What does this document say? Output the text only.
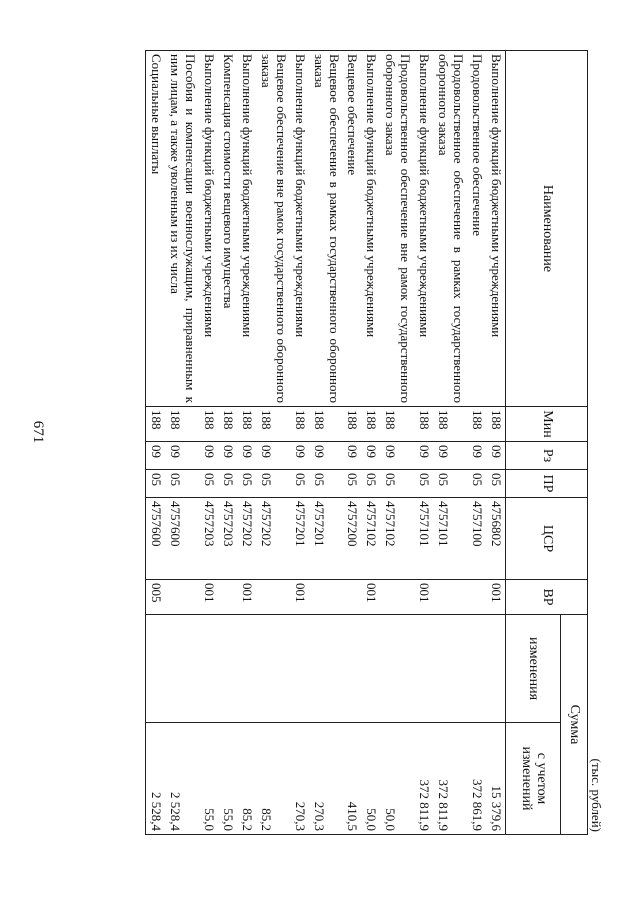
671
(тыс. рублей)
Наименование	Мин	Рз	ПР	ЦСР	ВР	Сумма	
						изменения	с учетом изменений
Выполнение функций бюджетными учреждениями	188	09	05	4756802	001		15 379,6
Продовольственное обеспечение	188	09	05	4757100			372 861,9
Продовольственное обеспечение в рамках государственного оборонного заказа	188	09	05	4757101			372 811,9
Выполнение функций бюджетными учреждениями	188	09	05	4757101	001		372 811,9
Продовольственное обеспечение вне рамок государственного оборонного заказа	188	09	05	4757102			50,0
Выполнение функций бюджетными учреждениями	188	09	05	4757102	001		50,0
Вещевое обеспечение	188	09	05	4757200			410,5
Вещевое обеспечение в рамках государственного оборонного заказа	188	09	05	4757201			270,3
Выполнение функций бюджетными учреждениями	188	09	05	4757201	001		270,3
Вещевое обеспечение вне рамок государственного оборонного заказа	188	09	05	4757202			85,2
Выполнение функций бюджетными учреждениями	188	09	05	4757202	001		85,2
Компенсация стоимости вещевого имущества	188	09	05	4757203			55,0
Выполнение функций бюджетными учреждениями	188	09	05	4757203	001		55,0
Пособия и компенсации военнослужащим, приравненным к ним лицам, а также уволенным из их числа	188	09	05	4757600			2 528,4
Социальные выплаты	188	09	05	4757600	005		2 528,4
